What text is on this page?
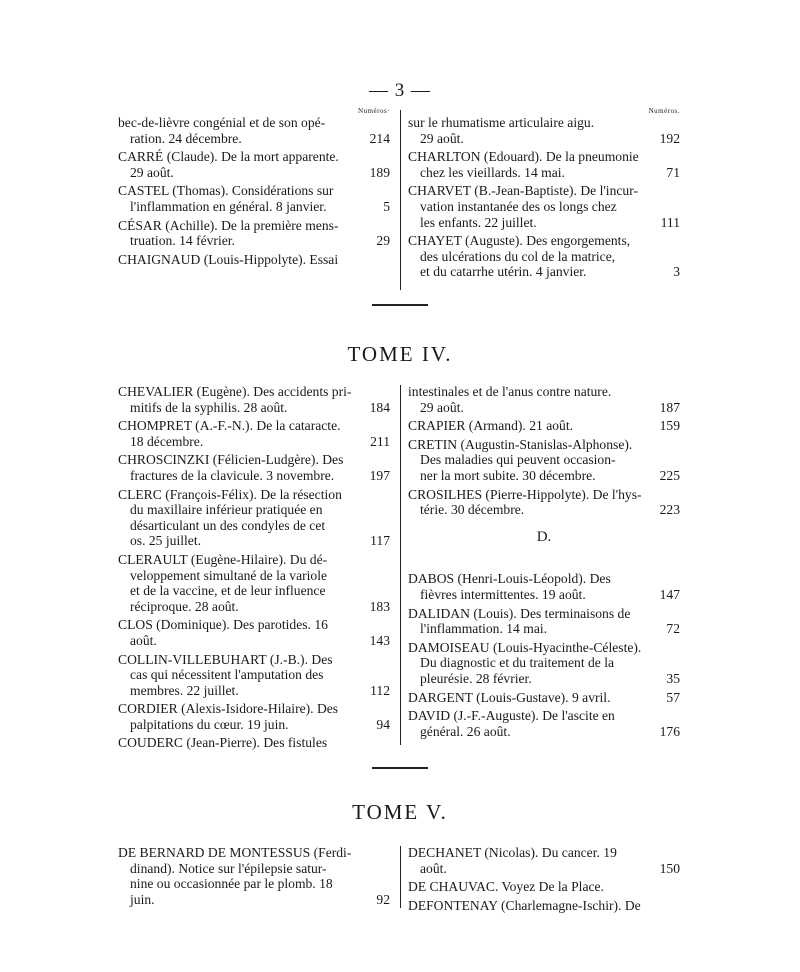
— 3 —
Numéros·
bec-de-lièvre congénial et de son opé-
ration. 24 décembre.	214
CARRÉ (Claude). De la mort apparente.
29 août.	189
CASTEL (Thomas). Considérations sur
l'inflammation en général. 8 janvier.	5
CÉSAR (Achille). De la première mens-
truation. 14 février.	29
CHAIGNAUD (Louis-Hippolyte). Essai
Numéros.
sur le rhumatisme articulaire aigu.
29 août.	192
CHARLTON (Edouard). De la pneumonie
chez les vieillards. 14 mai.	71
CHARVET (B.-Jean-Baptiste). De l'incur-
vation instantanée des os longs chez
les enfants. 22 juillet.	111
CHAYET (Auguste). Des engorgements,
des ulcérations du col de la matrice,
et du catarrhe utérin. 4 janvier.	3
TOME IV.
CHEVALIER (Eugène). Des accidents pri-
mitifs de la syphilis. 28 août.	184
CHOMPRET (A.-F.-N.). De la cataracte.
18 décembre.	211
CHROSCINZKI (Félicien-Ludgère). Des
fractures de la clavicule. 3 novembre.	197
CLERC (François-Félix). De la résection
du maxillaire inférieur pratiquée en
désarticulant un des condyles de cet
os. 25 juillet.	117
CLERAULT (Eugène-Hilaire). Du dé-
veloppement simultané de la variole
et de la vaccine, et de leur influence
réciproque. 28 août.	183
CLOS (Dominique). Des parotides. 16
août.	143
COLLIN-VILLEBUHART (J.-B.). Des
cas qui nécessitent l'amputation des
membres. 22 juillet.	112
CORDIER (Alexis-Isidore-Hilaire). Des
palpitations du cœur. 19 juin.	94
COUDERC (Jean-Pierre). Des fistules
intestinales et de l'anus contre nature.
29 août.	187
CRAPIER (Armand). 21 août.	159
CRETIN (Augustin-Stanislas-Alphonse).
Des maladies qui peuvent occasion-
ner la mort subite. 30 décembre.	225
CROSILHES (Pierre-Hippolyte). De l'hys-
térie. 30 décembre.	223
D.
DABOS (Henri-Louis-Léopold). Des
fièvres intermittentes. 19 août.	147
DALIDAN (Louis). Des terminaisons de
l'inflammation. 14 mai.	72
DAMOISEAU (Louis-Hyacinthe-Céleste).
Du diagnostic et du traitement de la
pleurésie. 28 février.	35
DARGENT (Louis-Gustave). 9 avril.	57
DAVID (J.-F.-Auguste). De l'ascite en
général. 26 août.	176
TOME V.
DE BERNARD DE MONTESSUS (Ferdi-
dinand). Notice sur l'épilepsie satur-
nine ou occasionnée par le plomb. 18
juin.	92
DECHANET (Nicolas). Du cancer. 19
août.	150
DE CHAUVAC. Voyez De la Place.
DEFONTENAY (Charlemagne-Ischir). De
